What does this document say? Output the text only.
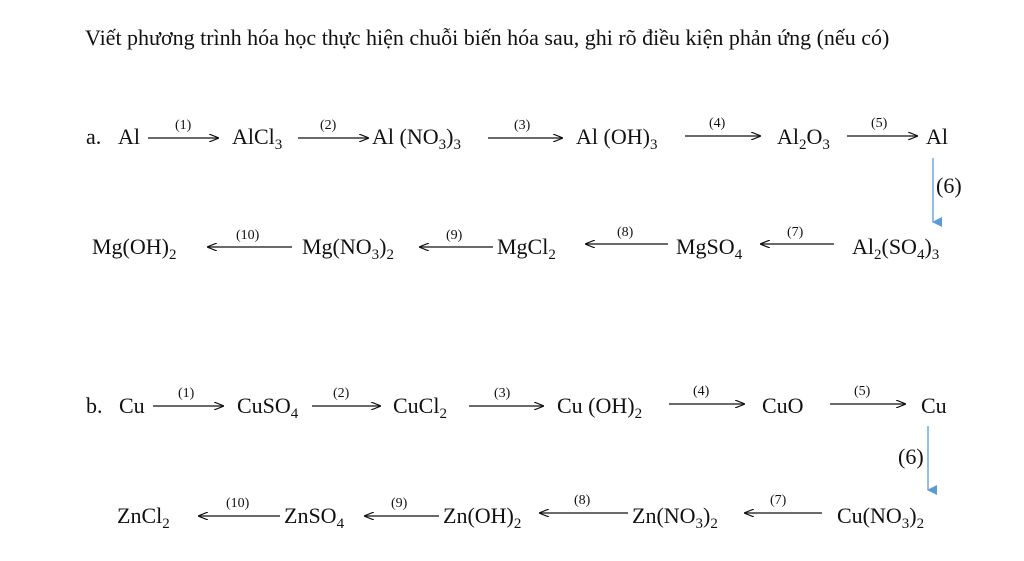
Viết phương trình hóa học thực hiện chuỗi biến hóa sau, ghi rõ điều kiện phản ứng (nếu có)
a.
b.
Al	AlCl$_3$	Al $(NO_3)_3$	Al $(OH)_3$	$Al_2O_3$	Al
(1)	(2)	(3)	(4)	(5)
(6)
$Mg(OH)_2$	$Mg(NO_3)_2$	MgCl$_2$	MgSO$_4$	$Al_2(SO_4)_3$
(10)	(9)	(8)	(7)
Cu	CuSO$_4$	CuCl$_2$	Cu $(OH)_2$	CuO	Cu
(1)	(2)	(3)	(4)	(5)
(6)
ZnCl$_2$	ZnSO$_4$	$Zn(OH)_2$	$Zn(NO_3)_2$	$Cu(NO_3)_2$
(10)	(9)	(8)	(7)
